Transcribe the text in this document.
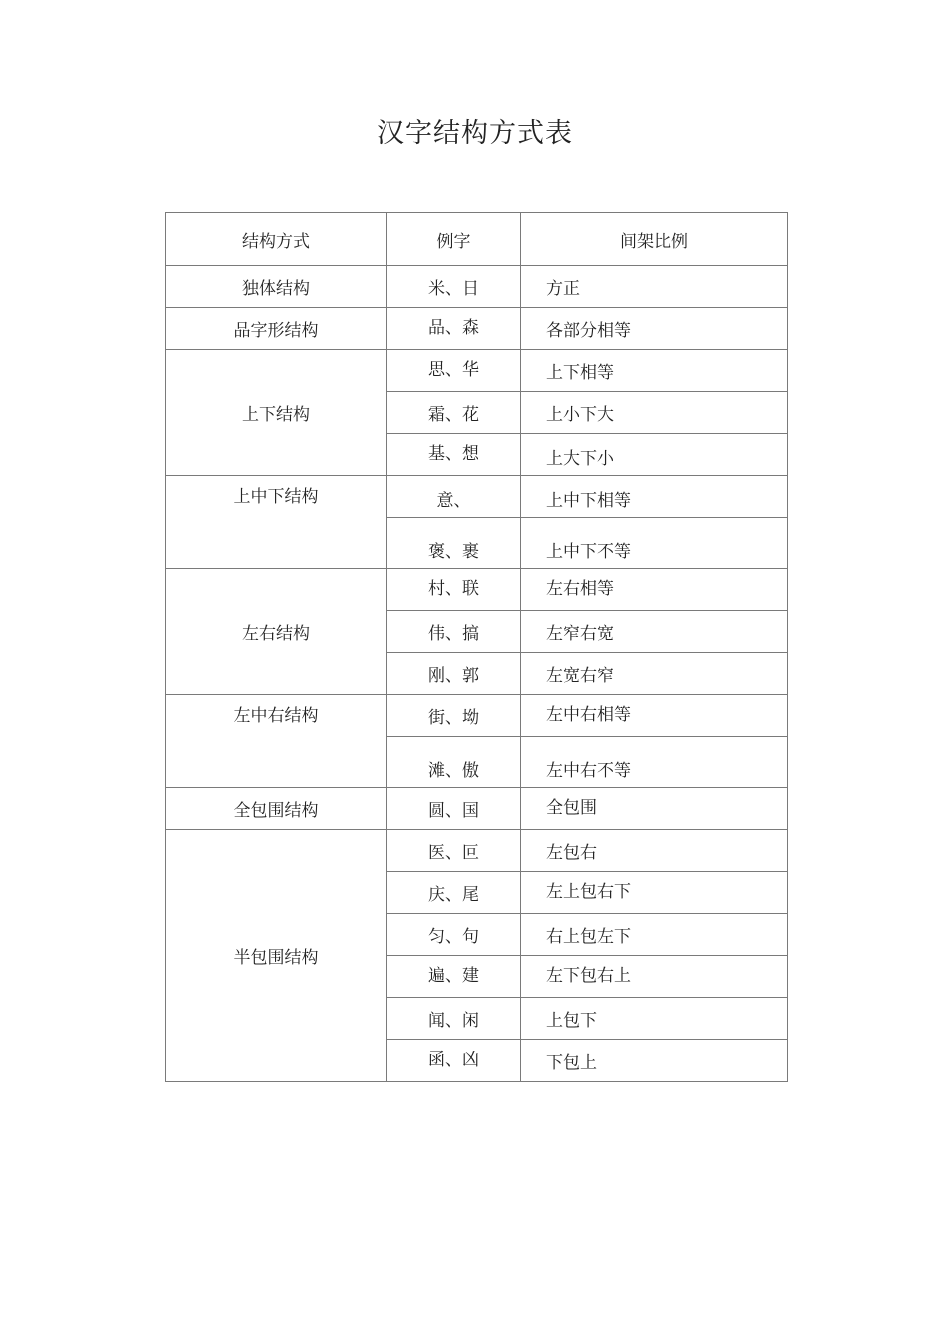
汉字结构方式表
结构方式	例字	间架比例
独体结构	米、日	方正
品字形结构	品、森	各部分相等
上下结构	思、华	上下相等
	霜、花	上小下大
	基、想	上大下小
上中下结构	意、	上中下相等
	褒、裹	上中下不等
左右结构	村、联	左右相等
	伟、搞	左窄右宽
	刚、郭	左宽右窄
左中右结构	街、坳	左中右相等
	滩、傲	左中右不等
全包围结构	圆、国	全包围
半包围结构	医、叵	左包右
	庆、尾	左上包右下
	匀、句	右上包左下
	遍、建	左下包右上
	闻、闲	上包下
	函、凶	下包上
